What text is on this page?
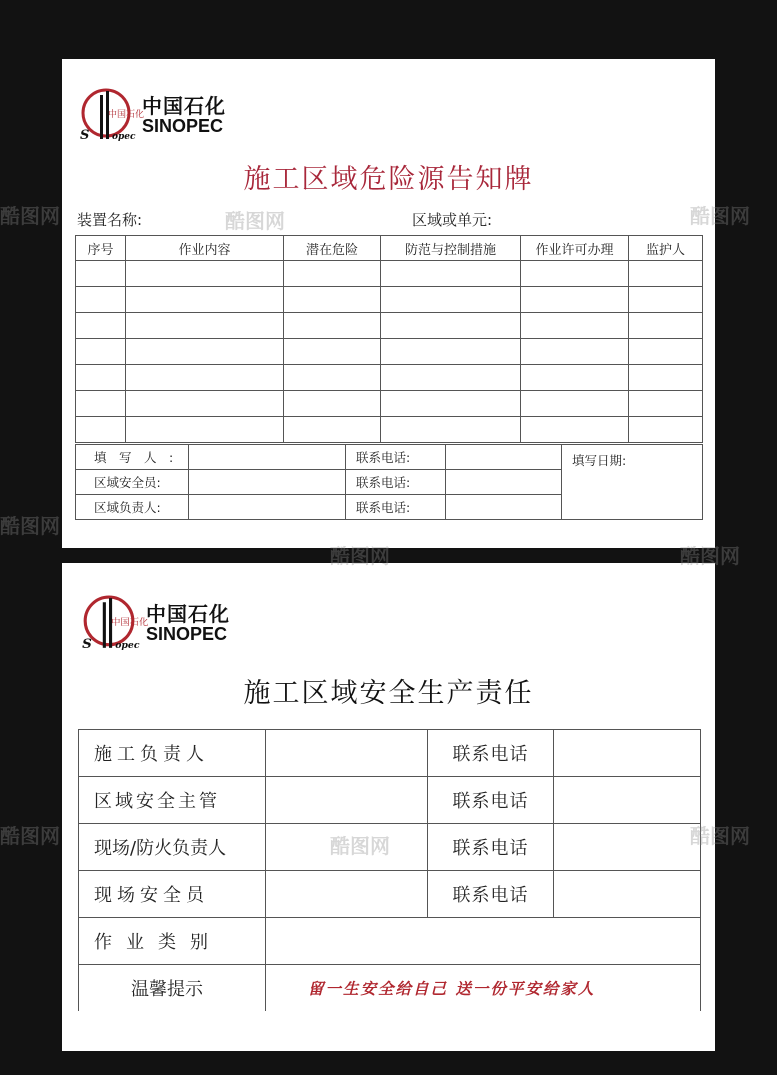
中国石化
S	opec
中国石化
SINOPEC
施工区域危险源告知牌
装置名称:	区域或单元:
序号	作业内容	潜在危险	防范与控制措施	作业许可办理	监护人

填　写　人　:		联系电话:		填写日期:
区域安全员:		联系电话:		
区域负责人:		联系电话:		
中国石化
S	opec
中国石化
SINOPEC
施工区域安全生产责任
施工负责人		联系电话	
区域安全主管		联系电话	
现场/防火负责人		联系电话	
现场安全员		联系电话	
作业类别			
温馨提示	留一生安全给自己 送一份平安给家人		
酷图网	酷图网	酷图网
酷图网
酷图网	酷图网
酷图网	酷图网	酷图网
